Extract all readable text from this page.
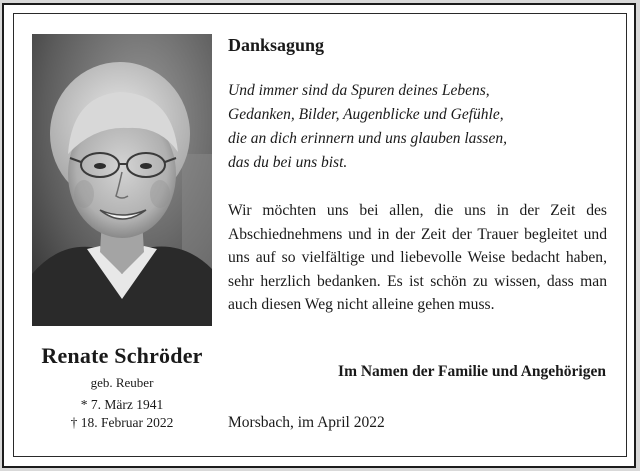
Renate Schröder
geb. Reuber
* 7. März 1941
† 18. Februar 2022
Danksagung
Und immer sind da Spuren deines Lebens,
Gedanken, Bilder, Augenblicke und Gefühle,
die an dich erinnern und uns glauben lassen,
das du bei uns bist.
Wir möchten uns bei allen, die uns in der Zeit des Abschiednehmens und in der Zeit der Trauer begleitet und uns auf so vielfältige und liebevolle Weise bedacht haben, sehr herzlich bedanken. Es ist schön zu wissen, dass man auch diesen Weg nicht alleine gehen muss.
Im Namen der Familie und Angehörigen
Morsbach, im April 2022
